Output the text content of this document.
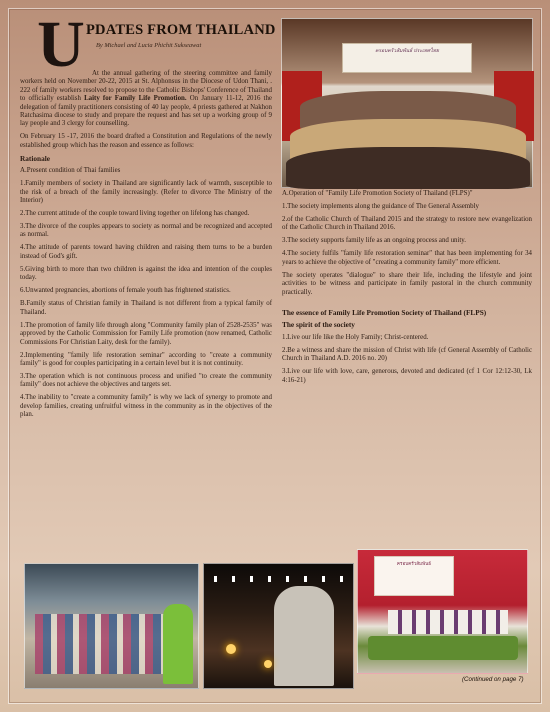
U PDATES FROM THAILAND
By Michael and Lucia Phichit Sukseawat

At the annual gathering of the steering committee and family workers held on November 20-22, 2015 at St. Alphonsus in the Diocese of Udon Thani, . 222 of family workers resolved to propose to the Catholic Bishops' Conference of Thailand to officially establish Laity for Family Life Promotion. On January 11-12, 2016 the delegation of family practitioners consisting of 40 lay people, 4 priests gathered at Nakhon Ratchasima diocese to study and prepare the request and has set up a working group of 9 lay people and 3 clergy for counselling.

On February 15 -17, 2016 the board drafted a Constitution and Regulations of the newly established group which has the reason and essence as follows:

Rationale

A.Present condition of Thai families

1.Family members of society in Thailand are significantly lack of warmth, susceptible to the risk of a breach of the family increasingly. (Refer to divorce The Ministry of the Interior)

2.The current attitude of the couple toward living together on lifelong has changed.

3.The divorce of the couples appears to society as normal and be recognized and accepted as normal.

4.The attitude of parents toward having children and raising them turns to be a burden instead of God's gift.

5.Giving birth to more than two children is against the idea and intention of the couples today.

6.Unwanted pregnancies, abortions of female youth has frightened statistics.

B.Family status of Christian family in Thailand is not different from a typical family of Thailand.

1.The promotion of family life through along "Community family plan of 2528-2535" was approved by the Catholic Commission for Family Life promotion (now renamed, Catholic Commissions For Christian Laity, desk for the family).

2.Implementing "family life restoration seminar" according to "create a community family" is good for couples participating in a certain level but it is not continuity.

3.The operation which is not continuous process and unified "to create the community family" does not achieve the objectives and targets set.

4.The inability to "create a community family" is why we lack of synergy to promote and develop families, creating unfruitful witness in the community as in the objectives of the plan.

A.Operation of "Family Life Promotion Society of Thailand (FLPS)"

1.The society implements along the guidance of The General Assembly

2.of the Catholic Church of Thailand 2015 and the strategy to restore new evangelization of the Catholic Church in Thailand 2016.

3.The society supports family life as an ongoing process and unity.

4.The society fulfils "family life restoration seminar" that has been implementing for 34 years to achieve the objective of "creating a community family" more efficient.

The society operates "dialogue" to share their life, including the lifestyle and joint activities to be witness and participate in family pastoral in the church community practically.

The essence of Family Life Promotion Society of Thailand (FLPS)

The spirit of the society

1.Live our life like the Holy Family; Christ-centered.

2.Be a witness and share the mission of Christ with life (cf General Assembly of Catholic Church in Thailand A.D. 2016 no. 20)

3.Live our life with love, care, generous, devoted and dedicated (cf 1 Cor 12:12-30, Lk 4:16-21)

ครอบครัวสัมพันธ์ ประเทศไทย
ครอบครัวสัมพันธ์
(Continued on page 7)
